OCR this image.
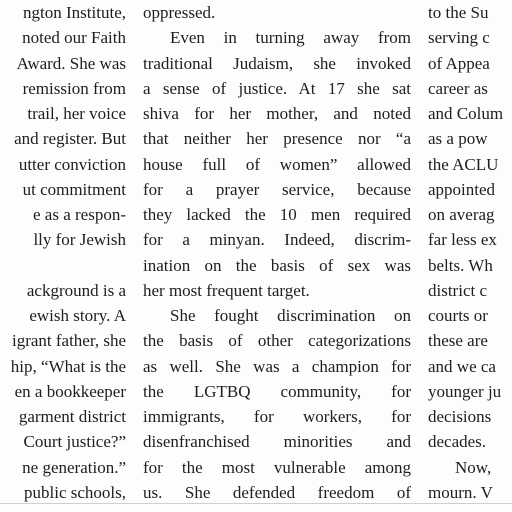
ngton Institute,
noted our Faith
Award. She was
remission from
trail, her voice
and register. But
utter conviction
ut commitment
e as a respon-
lly for Jewish
ackground is a
ewish story. A
igrant father, she
hip, “What is the
en a bookkeeper
garment district
Court justice?”
ne generation.”
public schools,
oppressed.
Even in turning away from
traditional Judaism, she invoked
a sense of justice. At 17 she sat
shiva for her mother, and noted
that neither her presence nor “a
house full of women” allowed
for a prayer service, because
they lacked the 10 men required
for a minyan. Indeed, discrim-
ination on the basis of sex was
her most frequent target.
She fought discrimination on
the basis of other categorizations
as well. She was a champion for
the LGTBQ community, for
immigrants, for workers, for
disenfranchised minorities and
for the most vulnerable among
us. She defended freedom of
to the Su
serving c
of Appea
career as
and Colum
as a pow
the ACLU
appointed
on averag
far less ex
belts. Wh
district c
courts or
these are
and we ca
younger ju
decisions
decades.
Now,
mourn. V
